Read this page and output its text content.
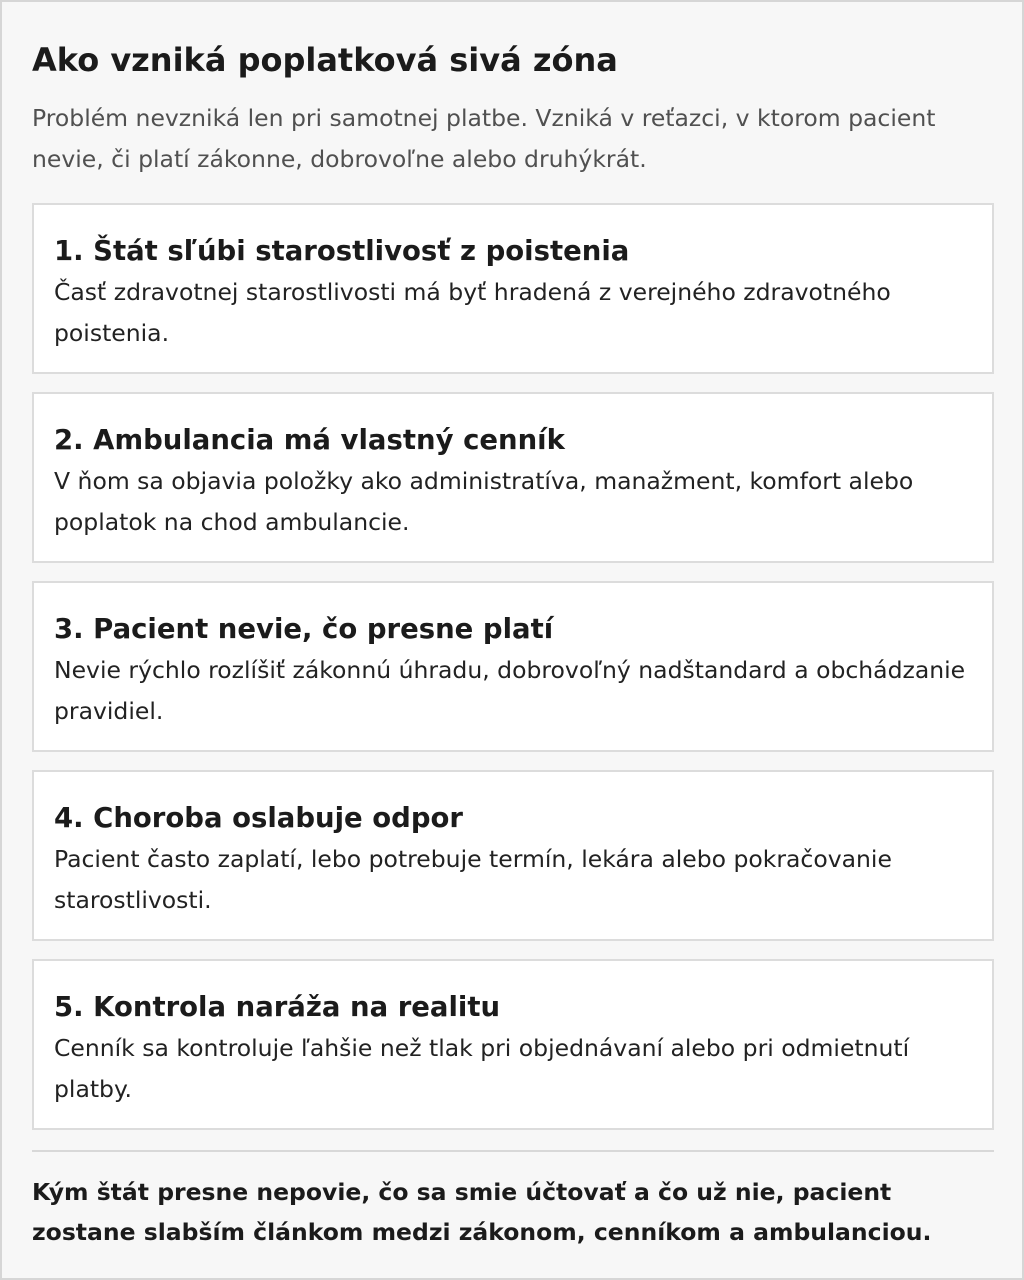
Ako vzniká poplatková sivá zóna

Problém nevzniká len pri samotnej platbe. Vzniká v reťazci, v ktorom pacient nevie, či platí zákonne, dobrovoľne alebo druhýkrát.

1. Štát sľúbi starostlivosť z poistenia

Časť zdravotnej starostlivosti má byť hradená z verejného zdravotného poistenia.

2. Ambulancia má vlastný cenník

V ňom sa objavia položky ako administratíva, manažment, komfort alebo poplatok na chod ambulancie.

3. Pacient nevie, čo presne platí

Nevie rýchlo rozlíšiť zákonnú úhradu, dobrovoľný nadštandard a obchádzanie pravidiel.

4. Choroba oslabuje odpor

Pacient často zaplatí, lebo potrebuje termín, lekára alebo pokračovanie starostlivosti.

5. Kontrola naráža na realitu

Cenník sa kontroluje ľahšie než tlak pri objednávaní alebo pri odmietnutí platby.

Kým štát presne nepovie, čo sa smie účtovať a čo už nie, pacient zostane slabším článkom medzi zákonom, cenníkom a ambulanciou.
